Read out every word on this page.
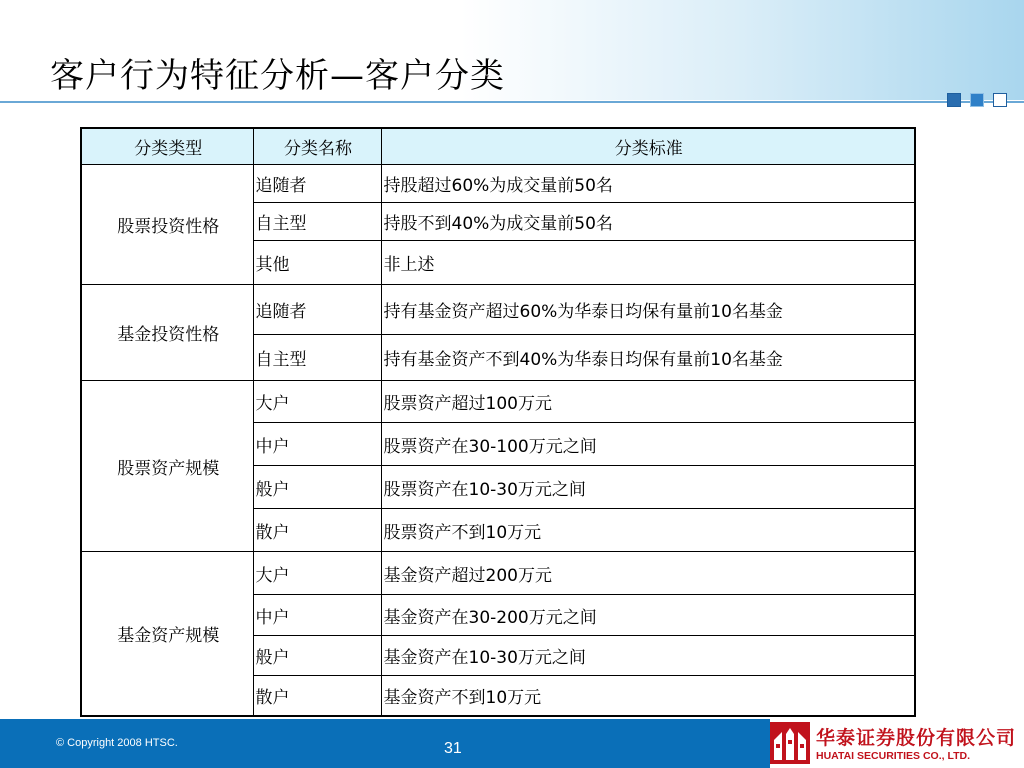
客户行为特征分析—客户分类
分类类型	分类名称	分类标准
股票投资性格	追随者	持股超过60%为成交量前50名
	自主型	持股不到40%为成交量前50名
	其他	非上述
基金投资性格	追随者	持有基金资产超过60%为华泰日均保有量前10名基金
	自主型	持有基金资产不到40%为华泰日均保有量前10名基金
股票资产规模	大户	股票资产超过100万元
	中户	股票资产在30-100万元之间
	般户	股票资产在10-30万元之间
	散户	股票资产不到10万元
基金资产规模	大户	基金资产超过200万元
	中户	基金资产在30-200万元之间
	般户	基金资产在10-30万元之间
	散户	基金资产不到10万元
© Copyright 2008 HTSC.	31	华泰证券股份有限公司
HUATAI SECURITIES CO., LTD.
